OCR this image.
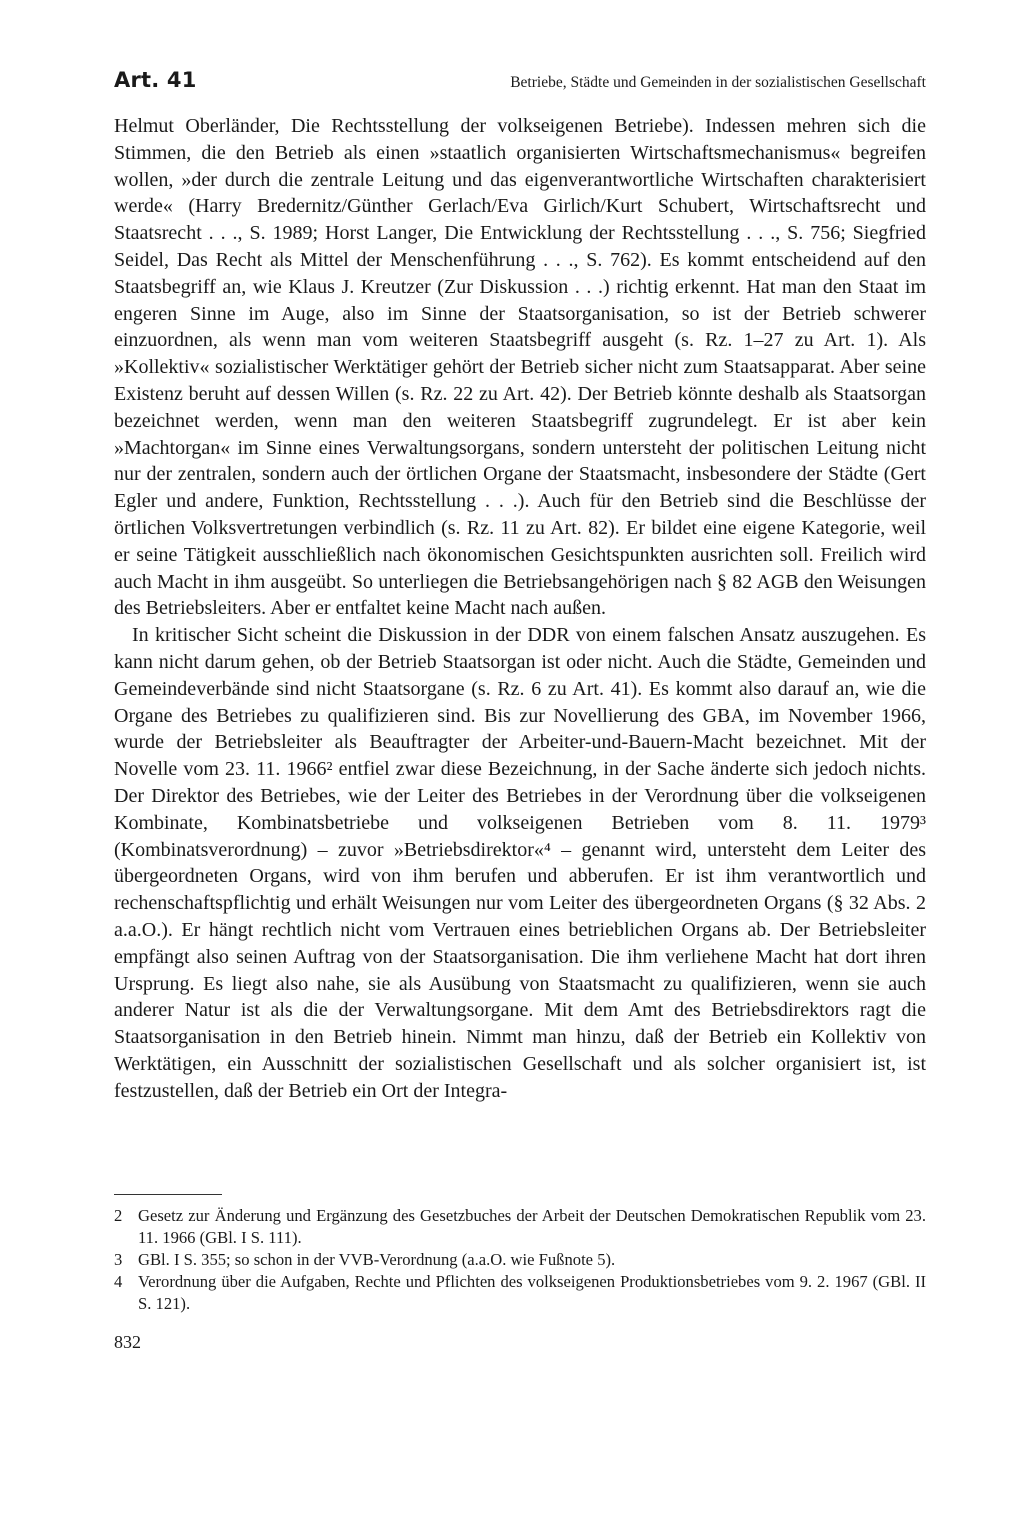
Art. 41	Betriebe, Städte und Gemeinden in der sozialistischen Gesellschaft

Helmut Oberländer, Die Rechtsstellung der volkseigenen Betriebe). Indessen mehren sich die Stimmen, die den Betrieb als einen »staatlich organisierten Wirtschaftsmechanismus« begreifen wollen, »der durch die zentrale Leitung und das eigenverantwortliche Wirtschaften charakterisiert werde« (Harry Bredernitz/Günther Gerlach/Eva Girlich/Kurt Schubert, Wirtschaftsrecht und Staatsrecht . . ., S. 1989; Horst Langer, Die Entwicklung der Rechtsstellung . . ., S. 756; Siegfried Seidel, Das Recht als Mittel der Menschenführung . . ., S. 762). Es kommt entscheidend auf den Staatsbegriff an, wie Klaus J. Kreutzer (Zur Diskussion . . .) richtig erkennt. Hat man den Staat im engeren Sinne im Auge, also im Sinne der Staatsorganisation, so ist der Betrieb schwerer einzuordnen, als wenn man vom weiteren Staatsbegriff ausgeht (s. Rz. 1–27 zu Art. 1). Als »Kollektiv« sozialistischer Werktätiger gehört der Betrieb sicher nicht zum Staatsapparat. Aber seine Existenz beruht auf dessen Willen (s. Rz. 22 zu Art. 42). Der Betrieb könnte deshalb als Staatsorgan bezeichnet werden, wenn man den weiteren Staatsbegriff zugrundelegt. Er ist aber kein »Machtorgan« im Sinne eines Verwaltungsorgans, sondern untersteht der politischen Leitung nicht nur der zentralen, sondern auch der örtlichen Organe der Staatsmacht, insbesondere der Städte (Gert Egler und andere, Funktion, Rechtsstellung . . .). Auch für den Betrieb sind die Beschlüsse der örtlichen Volksvertretungen verbindlich (s. Rz. 11 zu Art. 82). Er bildet eine eigene Kategorie, weil er seine Tätigkeit ausschließlich nach ökonomischen Gesichtspunkten ausrichten soll. Freilich wird auch Macht in ihm ausgeübt. So unterliegen die Betriebsangehörigen nach § 82 AGB den Weisungen des Betriebsleiters. Aber er entfaltet keine Macht nach außen.

In kritischer Sicht scheint die Diskussion in der DDR von einem falschen Ansatz auszugehen. Es kann nicht darum gehen, ob der Betrieb Staatsorgan ist oder nicht. Auch die Städte, Gemeinden und Gemeindeverbände sind nicht Staatsorgane (s. Rz. 6 zu Art. 41). Es kommt also darauf an, wie die Organe des Betriebes zu qualifizieren sind. Bis zur Novellierung des GBA, im November 1966, wurde der Betriebsleiter als Beauftragter der Arbeiter-und-Bauern-Macht bezeichnet. Mit der Novelle vom 23. 11. 1966² entfiel zwar diese Bezeichnung, in der Sache änderte sich jedoch nichts. Der Direktor des Betriebes, wie der Leiter des Betriebes in der Verordnung über die volkseigenen Kombinate, Kombinatsbetriebe und volkseigenen Betrieben vom 8. 11. 1979³ (Kombinatsverordnung) – zuvor »Betriebsdirektor«⁴ – genannt wird, untersteht dem Leiter des übergeordneten Organs, wird von ihm berufen und abberufen. Er ist ihm verantwortlich und rechenschaftspflichtig und erhält Weisungen nur vom Leiter des übergeordneten Organs (§ 32 Abs. 2 a.a.O.). Er hängt rechtlich nicht vom Vertrauen eines betrieblichen Organs ab. Der Betriebsleiter empfängt also seinen Auftrag von der Staatsorganisation. Die ihm verliehene Macht hat dort ihren Ursprung. Es liegt also nahe, sie als Ausübung von Staatsmacht zu qualifizieren, wenn sie auch anderer Natur ist als die der Verwaltungsorgane. Mit dem Amt des Betriebsdirektors ragt die Staatsorganisation in den Betrieb hinein. Nimmt man hinzu, daß der Betrieb ein Kollektiv von Werktätigen, ein Ausschnitt der sozialistischen Gesellschaft und als solcher organisiert ist, ist festzustellen, daß der Betrieb ein Ort der Integra-

2 Gesetz zur Änderung und Ergänzung des Gesetzbuches der Arbeit der Deutschen Demokratischen Republik vom 23. 11. 1966 (GBl. I S. 111).
3 GBl. I S. 355; so schon in der VVB-Verordnung (a.a.O. wie Fußnote 5).
4 Verordnung über die Aufgaben, Rechte und Pflichten des volkseigenen Produktionsbetriebes vom 9. 2. 1967 (GBl. II S. 121).
832
